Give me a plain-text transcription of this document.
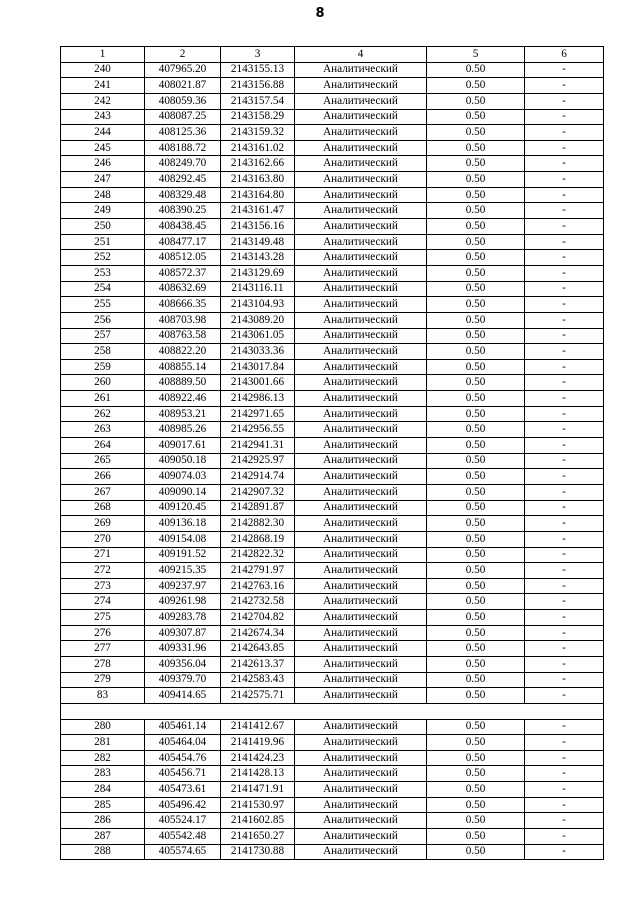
8
1	2	3	4	5	6
240	407965.20	2143155.13	Аналитический	0.50	-
241	408021.87	2143156.88	Аналитический	0.50	-
242	408059.36	2143157.54	Аналитический	0.50	-
243	408087.25	2143158.29	Аналитический	0.50	-
244	408125.36	2143159.32	Аналитический	0.50	-
245	408188.72	2143161.02	Аналитический	0.50	-
246	408249.70	2143162.66	Аналитический	0.50	-
247	408292.45	2143163.80	Аналитический	0.50	-
248	408329.48	2143164.80	Аналитический	0.50	-
249	408390.25	2143161.47	Аналитический	0.50	-
250	408438.45	2143156.16	Аналитический	0.50	-
251	408477.17	2143149.48	Аналитический	0.50	-
252	408512.05	2143143.28	Аналитический	0.50	-
253	408572.37	2143129.69	Аналитический	0.50	-
254	408632.69	2143116.11	Аналитический	0.50	-
255	408666.35	2143104.93	Аналитический	0.50	-
256	408703.98	2143089.20	Аналитический	0.50	-
257	408763.58	2143061.05	Аналитический	0.50	-
258	408822.20	2143033.36	Аналитический	0.50	-
259	408855.14	2143017.84	Аналитический	0.50	-
260	408889.50	2143001.66	Аналитический	0.50	-
261	408922.46	2142986.13	Аналитический	0.50	-
262	408953.21	2142971.65	Аналитический	0.50	-
263	408985.26	2142956.55	Аналитический	0.50	-
264	409017.61	2142941.31	Аналитический	0.50	-
265	409050.18	2142925.97	Аналитический	0.50	-
266	409074.03	2142914.74	Аналитический	0.50	-
267	409090.14	2142907.32	Аналитический	0.50	-
268	409120.45	2142891.87	Аналитический	0.50	-
269	409136.18	2142882.30	Аналитический	0.50	-
270	409154.08	2142868.19	Аналитический	0.50	-
271	409191.52	2142822.32	Аналитический	0.50	-
272	409215.35	2142791.97	Аналитический	0.50	-
273	409237.97	2142763.16	Аналитический	0.50	-
274	409261.98	2142732.58	Аналитический	0.50	-
275	409283.78	2142704.82	Аналитический	0.50	-
276	409307.87	2142674.34	Аналитический	0.50	-
277	409331.96	2142643.85	Аналитический	0.50	-
278	409356.04	2142613.37	Аналитический	0.50	-
279	409379.70	2142583.43	Аналитический	0.50	-
83	409414.65	2142575.71	Аналитический	0.50	-

280	405461.14	2141412.67	Аналитический	0.50	-
281	405464.04	2141419.96	Аналитический	0.50	-
282	405454.76	2141424.23	Аналитический	0.50	-
283	405456.71	2141428.13	Аналитический	0.50	-
284	405473.61	2141471.91	Аналитический	0.50	-
285	405496.42	2141530.97	Аналитический	0.50	-
286	405524.17	2141602.85	Аналитический	0.50	-
287	405542.48	2141650.27	Аналитический	0.50	-
288	405574.65	2141730.88	Аналитический	0.50	-
